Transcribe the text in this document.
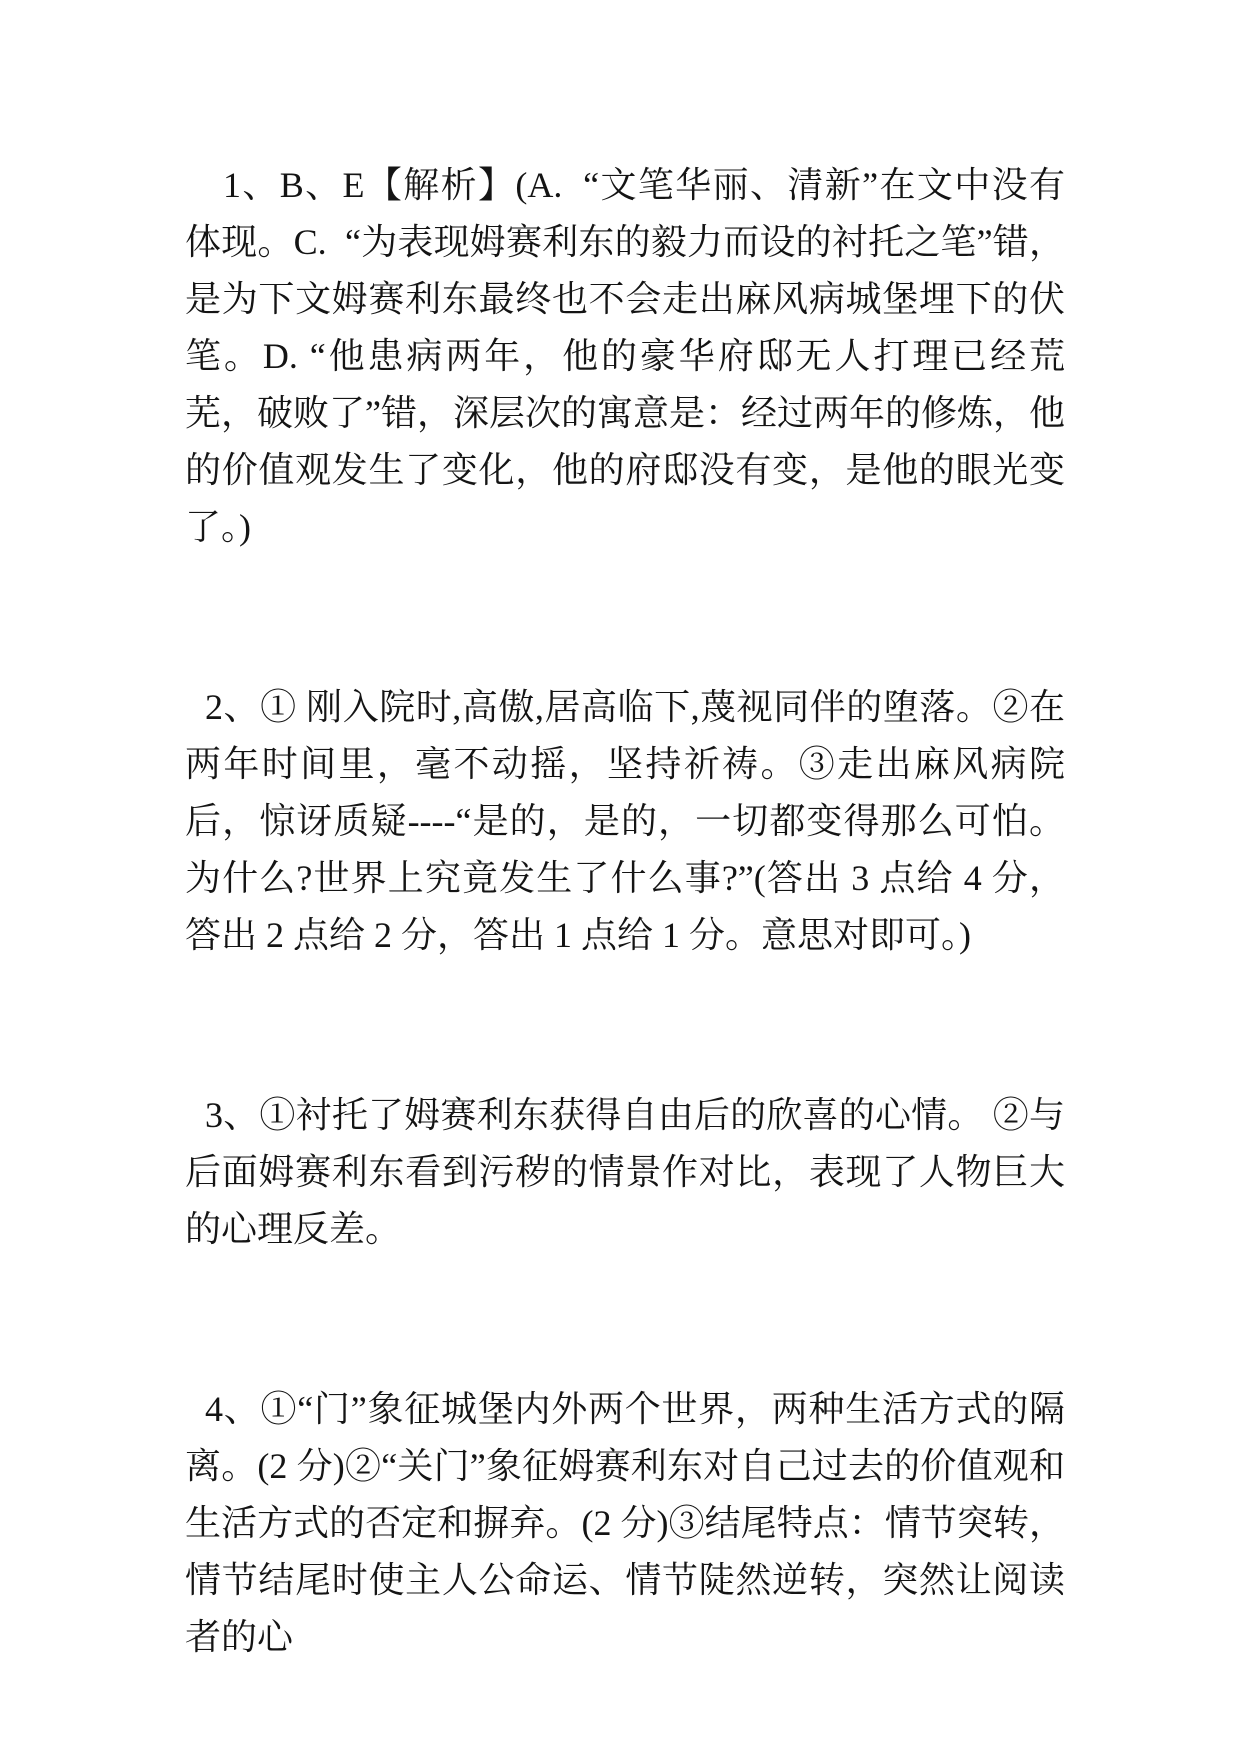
1、B、E【解析】(A.  “文笔华丽、清新”在文中没有体现。C.  “为表现姆赛利东的毅力而设的衬托之笔”错，是为下文姆赛利东最终也不会走出麻风病城堡埋下的伏笔。D. “他患病两年，他的豪华府邸无人打理已经荒芜，破败了”错，深层次的寓意是：经过两年的修炼，他的价值观发生了变化，他的府邸没有变，是他的眼光变了。)

2、① 刚入院时,高傲,居高临下,蔑视同伴的堕落。②在两年时间里，毫不动摇，坚持祈祷。③走出麻风病院后，惊讶质疑----“是的，是的，一切都变得那么可怕。为什么?世界上究竟发生了什么事?”(答出 3 点给 4 分，答出 2 点给 2 分，答出 1 点给 1 分。意思对即可。)

3、①衬托了姆赛利东获得自由后的欣喜的心情。 ②与后面姆赛利东看到污秽的情景作对比，表现了人物巨大的心理反差。

4、①“门”象征城堡内外两个世界，两种生活方式的隔离。(2 分)②“关门”象征姆赛利东对自己过去的价值观和生活方式的否定和摒弃。(2 分)③结尾特点：情节突转，情节结尾时使主人公命运、情节陡然逆转，突然让阅读者的心
